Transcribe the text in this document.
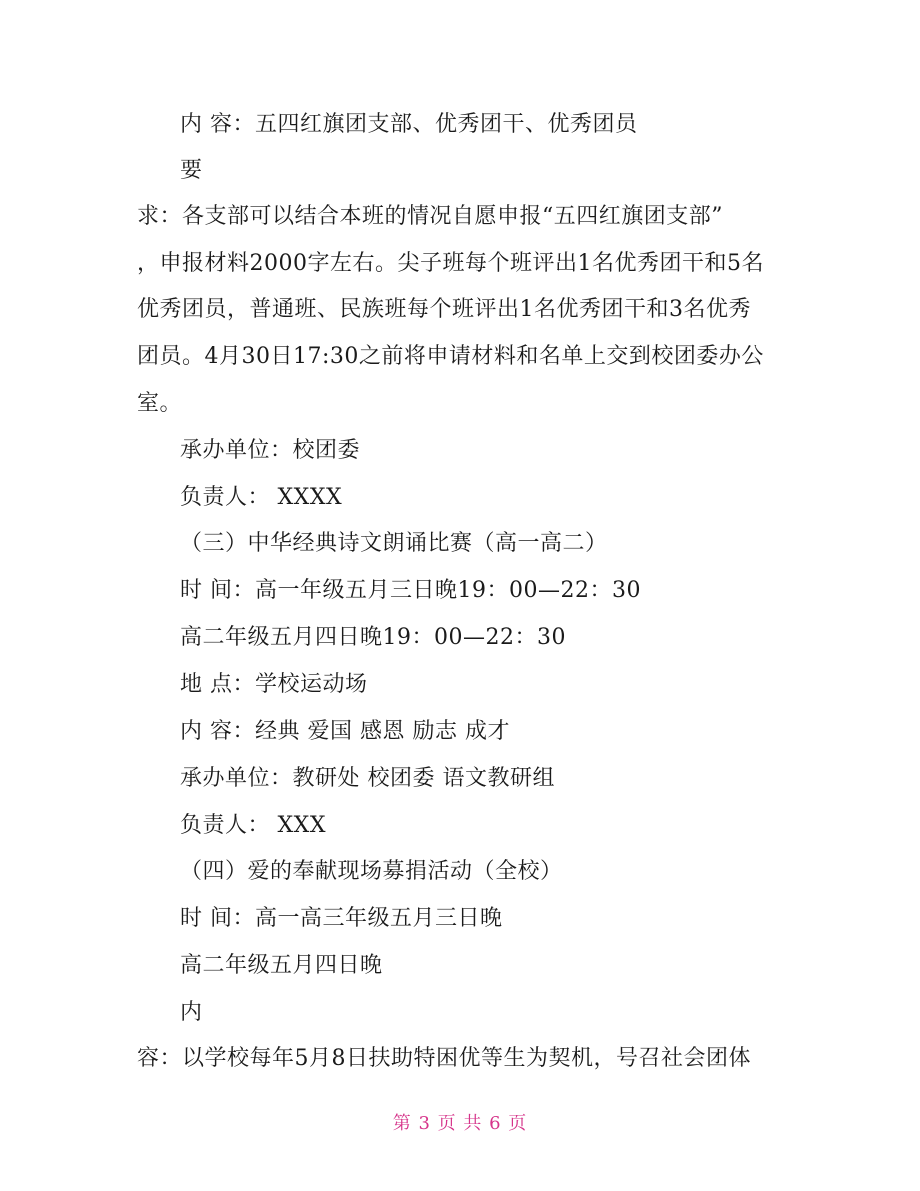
内 容：五四红旗团支部、优秀团干、优秀团员
要
求：各支部可以结合本班的情况自愿申报“五四红旗团支部”
，申报材料2000字左右。尖子班每个班评出1名优秀团干和5名
优秀团员，普通班、民族班每个班评出1名优秀团干和3名优秀
团员。4月30日17:30之前将申请材料和名单上交到校团委办公
室。
承办单位：校团委
负责人： XXXX
（三）中华经典诗文朗诵比赛（高一高二）
时 间：高一年级五月三日晚19：00—22：30
高二年级五月四日晚19：00—22：30
地 点：学校运动场
内 容：经典 爱国 感恩 励志 成才
承办单位：教研处 校团委 语文教研组
负责人： XXX
（四）爱的奉献现场募捐活动（全校）
时 间：高一高三年级五月三日晚
高二年级五月四日晚
内
容：以学校每年5月8日扶助特困优等生为契机，号召社会团体
第 3 页 共 6 页
